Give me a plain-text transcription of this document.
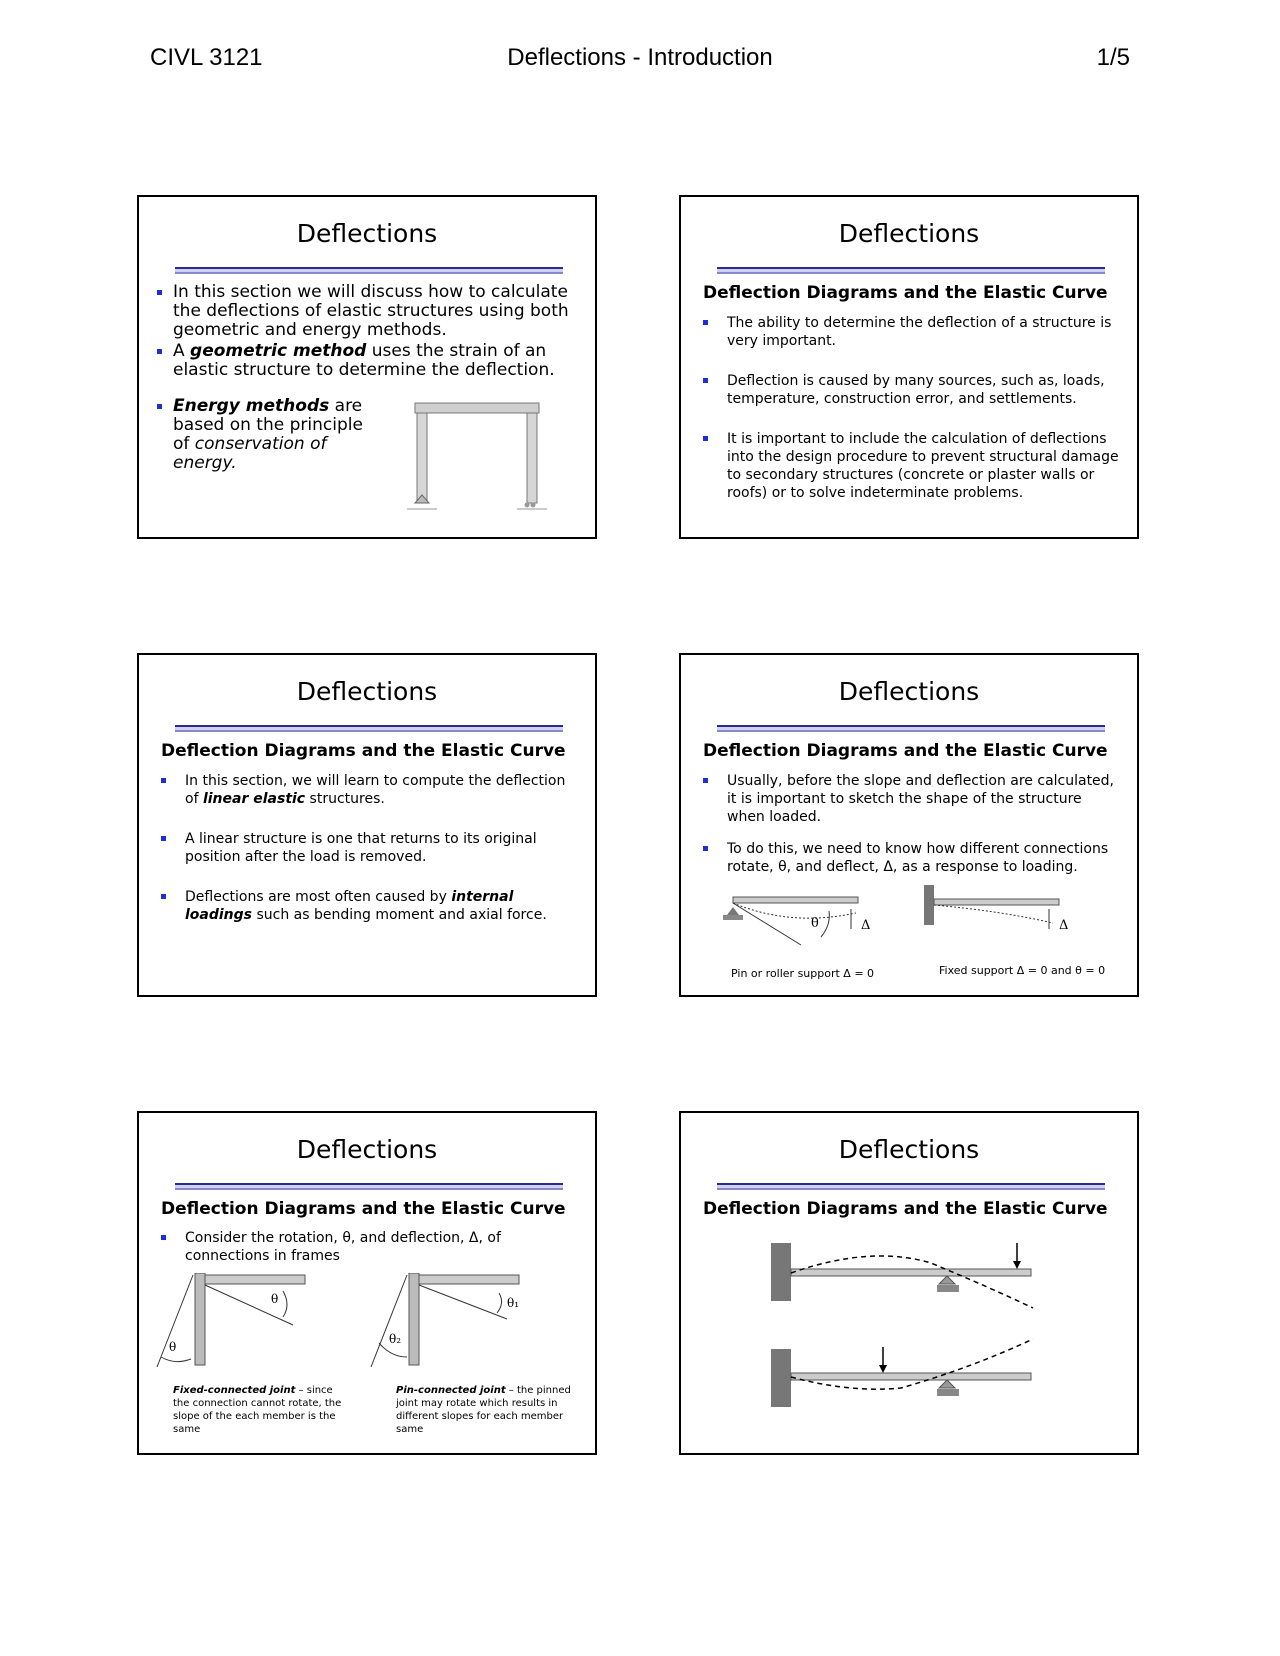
CIVL 3121	Deflections - Introduction	1/5
Deflections
In this section we will discuss how to calculate the deflections of elastic structures using both geometric and energy methods.
A geometric method uses the strain of an elastic structure to determine the deflection.
Energy methods are based on the principle of conservation of energy.
Deflections
Deflection Diagrams and the Elastic Curve
The ability to determine the deflection of a structure is very important.
Deflection is caused by many sources, such as, loads, temperature, construction error, and settlements.
It is important to include the calculation of deflections into the design procedure to prevent structural damage to secondary structures (concrete or plaster walls or roofs) or to solve indeterminate problems.
Deflections
Deflection Diagrams and the Elastic Curve
In this section, we will learn to compute the deflection of linear elastic structures.
A linear structure is one that returns to its original position after the load is removed.
Deflections are most often caused by internal loadings such as bending moment and axial force.
Deflections
Deflection Diagrams and the Elastic Curve
Usually, before the slope and deflection are calculated, it is important to sketch the shape of the structure when loaded.
To do this, we need to know how different connections rotate, θ, and deflect, Δ, as a response to loading.
θ	Δ	Δ
Pin or roller support Δ = 0	Fixed support Δ = 0 and θ = 0
Deflections
Deflection Diagrams and the Elastic Curve
Consider the rotation, θ, and deflection, Δ, of connections in frames
θ
θ
θ₁
θ₂
Fixed-connected joint – since the connection cannot rotate, the slope of the each member is the same
Pin-connected joint – the pinned joint may rotate which results in different slopes for each member same
Deflections
Deflection Diagrams and the Elastic Curve
